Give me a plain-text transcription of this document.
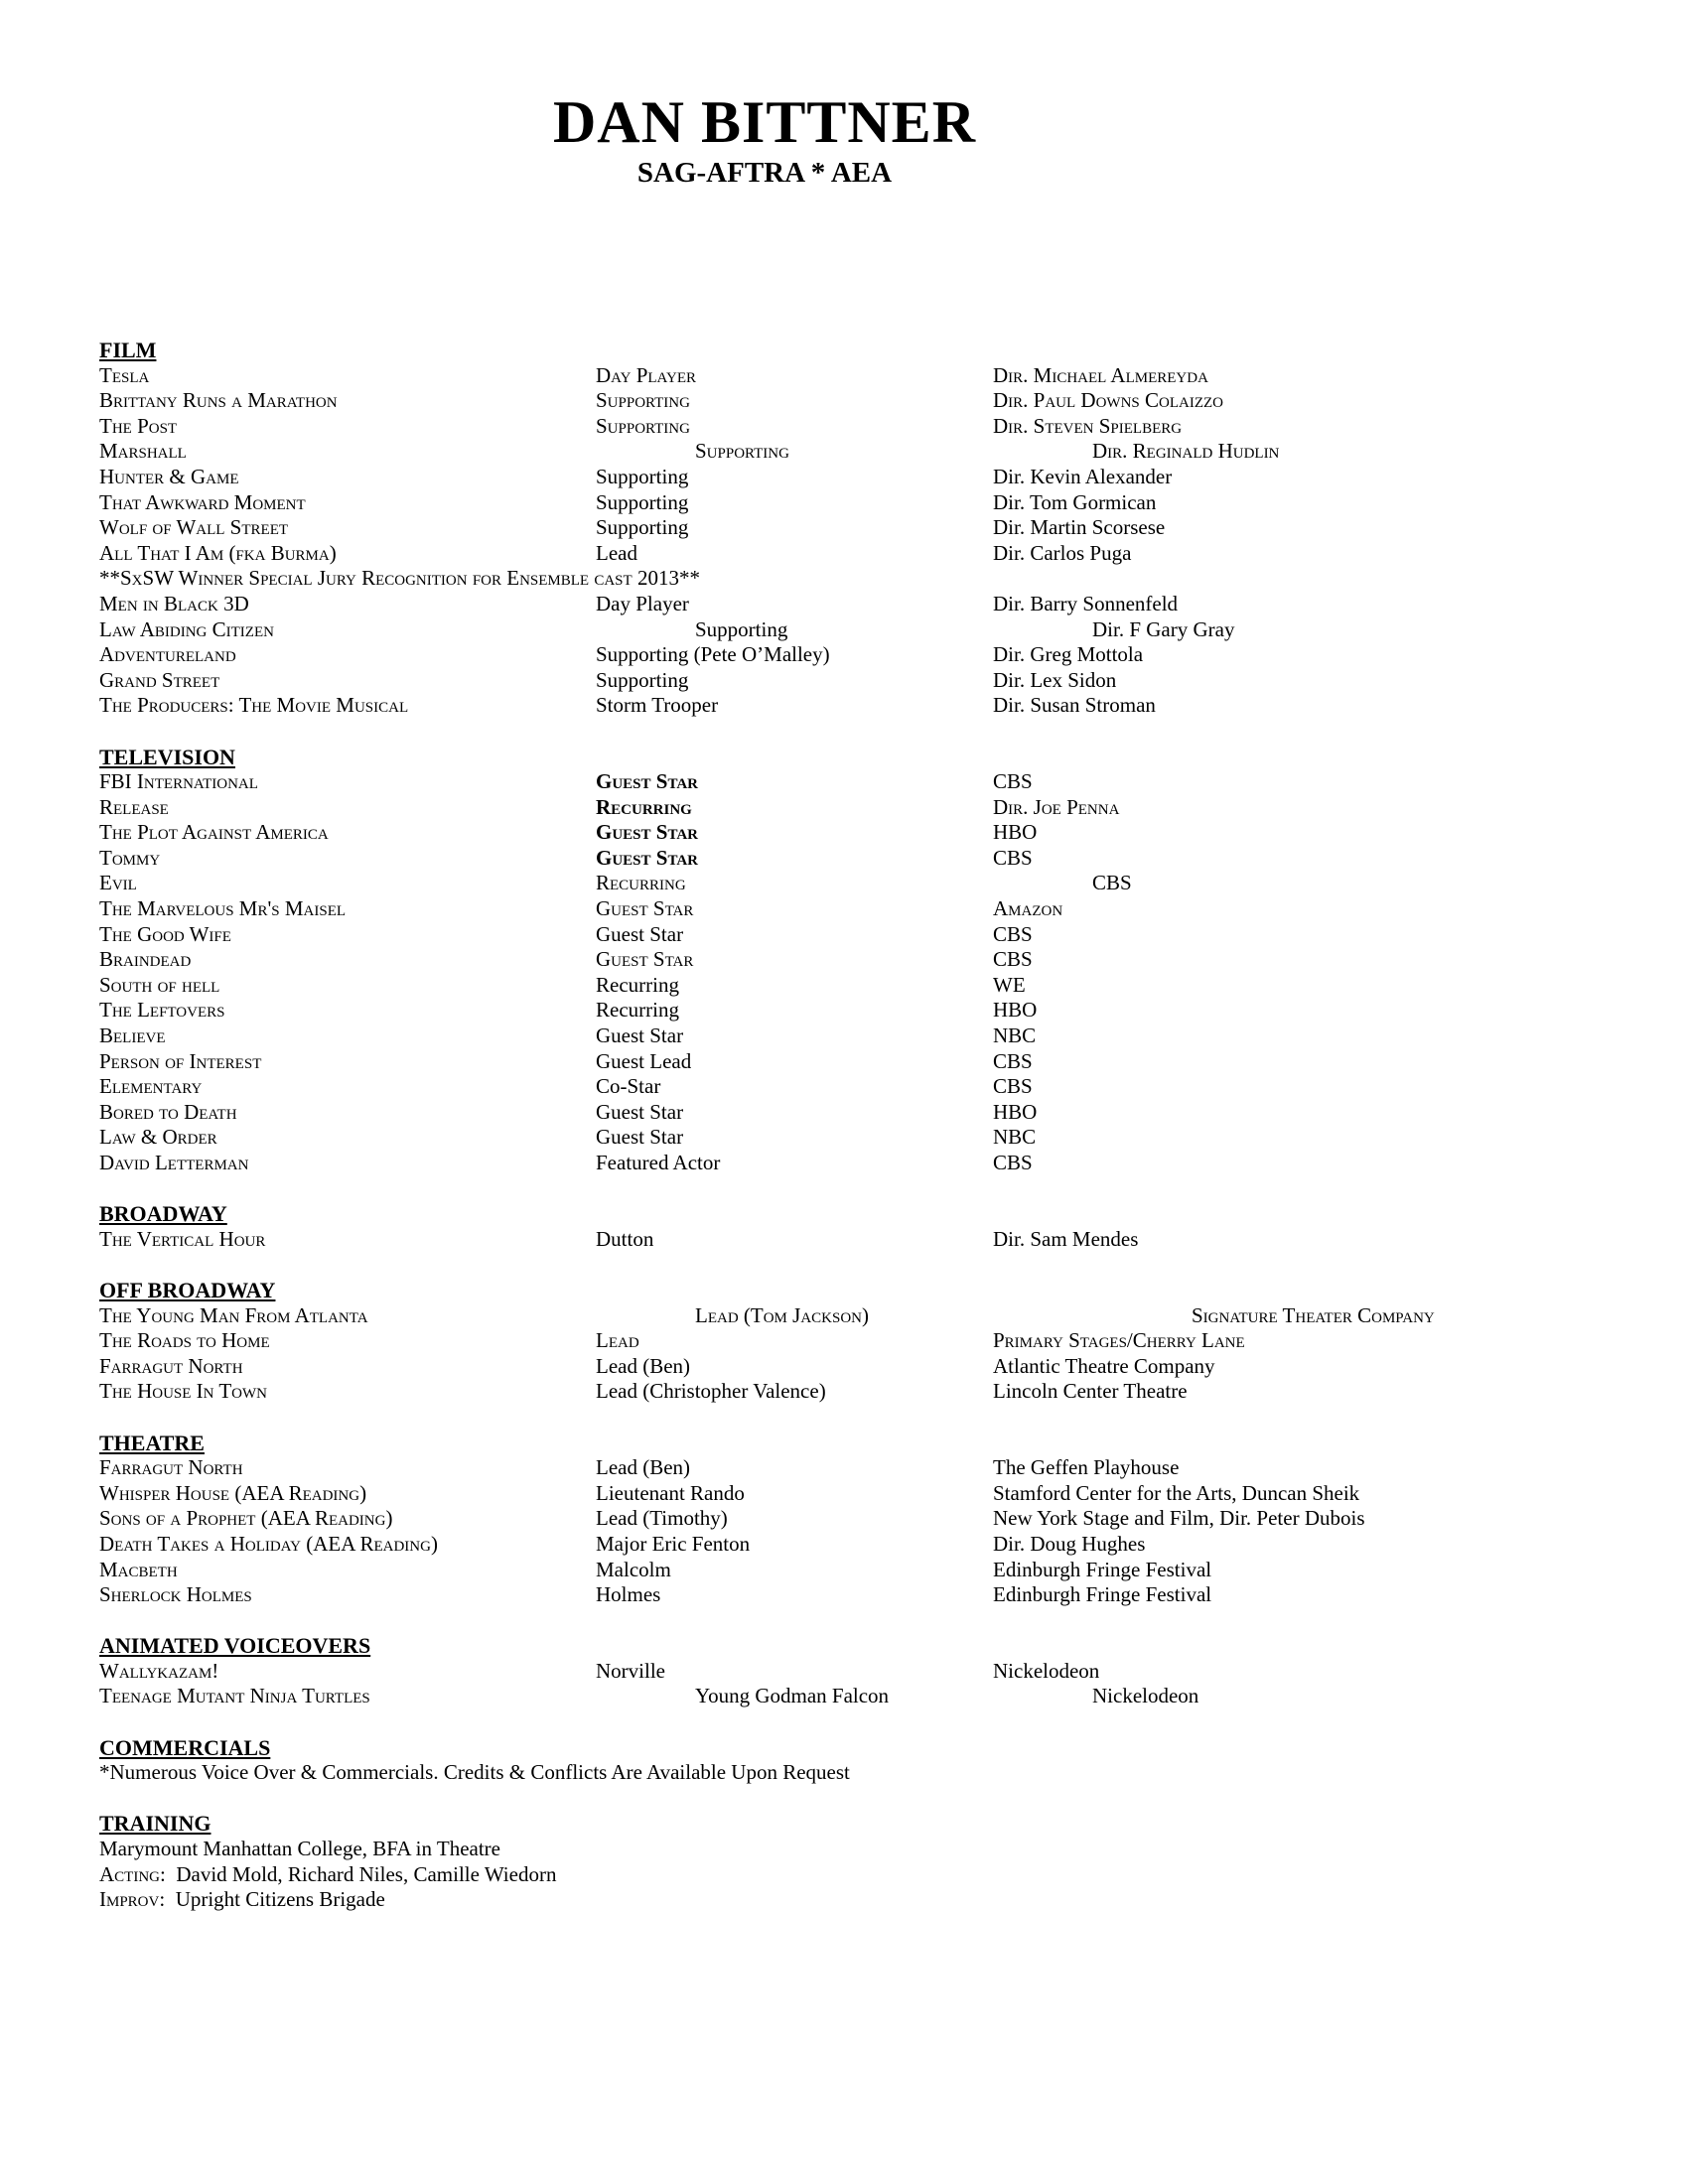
DAN BITTNER
SAG-AFTRA * AEA
FILM
Tesla	Day Player	Dir. Michael Almereyda
Brittany Runs a Marathon	Supporting	Dir. Paul Downs Colaizzo
The Post	Supporting	Dir. Steven Spielberg
Marshall	Supporting	Dir. Reginald Hudlin
Hunter & Game	Supporting	Dir. Kevin Alexander
That Awkward Moment	Supporting	Dir. Tom Gormican
Wolf of Wall Street	Supporting	Dir. Martin Scorsese
All That I Am (fka Burma)	Lead	Dir. Carlos Puga
**SxSW Winner Special Jury Recognition for Ensemble cast 2013**
Men in Black 3D	Day Player	Dir. Barry Sonnenfeld
Law Abiding Citizen	Supporting	Dir. F Gary Gray
Adventureland	Supporting (Pete O’Malley)	Dir. Greg Mottola
Grand Street	Supporting	Dir. Lex Sidon
The Producers: The Movie Musical	Storm Trooper	Dir. Susan Stroman
TELEVISION
FBI International	Guest Star	CBS
Release	Recurring	Dir. Joe Penna
The Plot Against America	Guest Star	HBO
Tommy	Guest Star	CBS
Evil	Recurring	CBS
The Marvelous Mr's Maisel	Guest Star	Amazon
The Good Wife	Guest Star	CBS
Braindead	Guest Star	CBS
South of hell	Recurring	WE
The Leftovers	Recurring	HBO
Believe	Guest Star	NBC
Person of Interest	Guest Lead	CBS
Elementary	Co-Star	CBS
Bored to Death	Guest Star	HBO
Law & Order	Guest Star	NBC
David Letterman	Featured Actor	CBS
BROADWAY
The Vertical Hour	Dutton	Dir. Sam Mendes
OFF BROADWAY
The Young Man From Atlanta	Lead (Tom Jackson)	Signature Theater Company
The Roads to Home	Lead	Primary Stages/Cherry Lane
Farragut North	Lead (Ben)	Atlantic Theatre Company
The House In Town	Lead (Christopher Valence)	Lincoln Center Theatre
THEATRE
Farragut North	Lead (Ben)	The Geffen Playhouse
Whisper House (AEA Reading)	Lieutenant Rando	Stamford Center for the Arts, Duncan Sheik
Sons of a Prophet (AEA Reading)	Lead (Timothy)	New York Stage and Film, Dir. Peter Dubois
Death Takes a Holiday (AEA Reading)	Major Eric Fenton	Dir. Doug Hughes
Macbeth	Malcolm	Edinburgh Fringe Festival
Sherlock Holmes	Holmes	Edinburgh Fringe Festival
ANIMATED VOICEOVERS
Wallykazam!	Norville	Nickelodeon
Teenage Mutant Ninja Turtles	Young Godman Falcon	Nickelodeon
COMMERCIALS
*Numerous Voice Over & Commercials. Credits & Conflicts Are Available Upon Request
TRAINING
Marymount Manhattan College, BFA in Theatre
Acting: David Mold, Richard Niles, Camille Wiedorn
Improv: Upright Citizens Brigade
